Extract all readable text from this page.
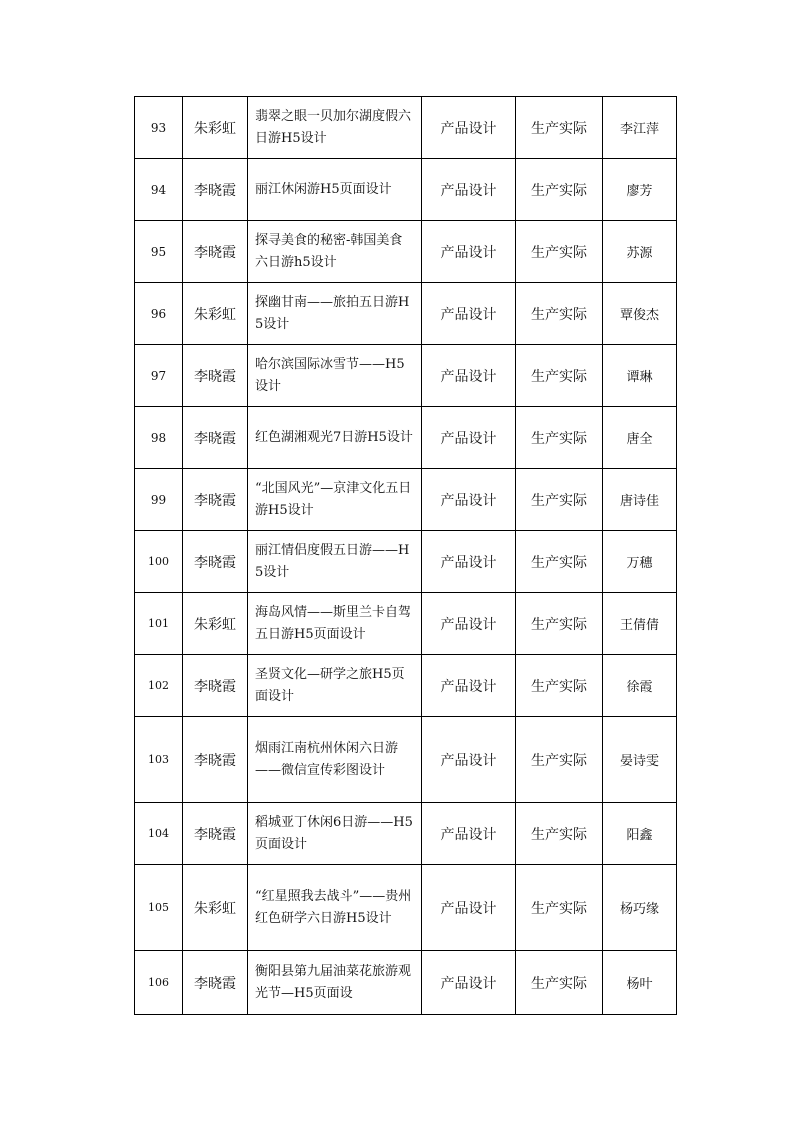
93	朱彩虹	翡翠之眼一贝加尔湖度假六日游H5设计	产品设计	生产实际	李江萍
94	李晓霞	丽江休闲游H5页面设计	产品设计	生产实际	廖芳
95	李晓霞	探寻美食的秘密-韩国美食六日游h5设计	产品设计	生产实际	苏源
96	朱彩虹	探幽甘南——旅拍五日游H5设计	产品设计	生产实际	覃俊杰
97	李晓霞	哈尔滨国际冰雪节——H5设计	产品设计	生产实际	谭琳
98	李晓霞	红色湖湘观光7日游H5设计	产品设计	生产实际	唐全
99	李晓霞	“北国风光”—京津文化五日游H5设计	产品设计	生产实际	唐诗佳
100	李晓霞	丽江情侣度假五日游——H5设计	产品设计	生产实际	万穗
101	朱彩虹	海岛风情——斯里兰卡自驾五日游H5页面设计	产品设计	生产实际	王倩倩
102	李晓霞	圣贤文化—研学之旅H5页面设计	产品设计	生产实际	徐霞
103	李晓霞	烟雨江南杭州休闲六日游——微信宣传彩图设计	产品设计	生产实际	晏诗雯
104	李晓霞	稻城亚丁休闲6日游——H5页面设计	产品设计	生产实际	阳鑫
105	朱彩虹	“红星照我去战斗”——贵州红色研学六日游H5设计	产品设计	生产实际	杨巧缘
106	李晓霞	衡阳县第九届油菜花旅游观光节—H5页面设	产品设计	生产实际	杨叶
